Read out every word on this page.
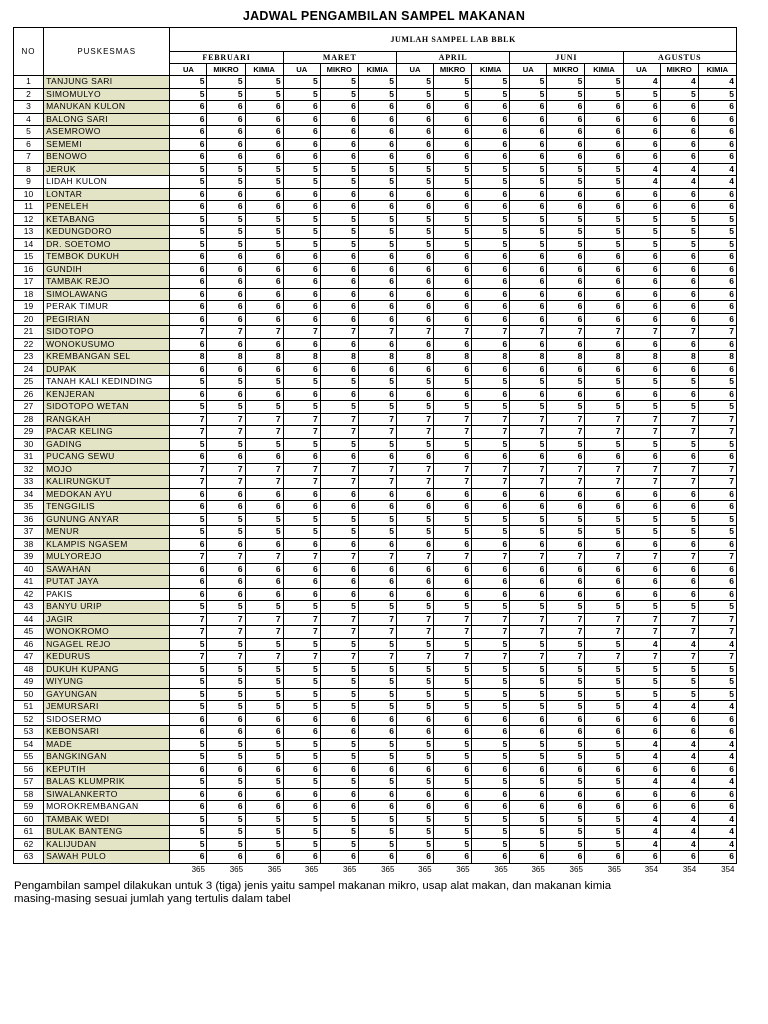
JADWAL PENGAMBILAN SAMPEL MAKANAN
NO	PUSKESMAS	JUMLAH SAMPEL LAB BBLK														
		FEBRUARI			MARET			APRIL			JUNI			AGUSTUS		
		UA	MIKRO	KIMIA	UA	MIKRO	KIMIA	UA	MIKRO	KIMIA	UA	MIKRO	KIMIA	UA	MIKRO	KIMIA
1	TANJUNG SARI	5	5	5	5	5	5	5	5	5	5	5	5	4	4	4
2	SIMOMULYO	5	5	5	5	5	5	5	5	5	5	5	5	5	5	5
3	MANUKAN KULON	6	6	6	6	6	6	6	6	6	6	6	6	6	6	6
4	BALONG SARI	6	6	6	6	6	6	6	6	6	6	6	6	6	6	6
5	ASEMROWO	6	6	6	6	6	6	6	6	6	6	6	6	6	6	6
6	SEMEMI	6	6	6	6	6	6	6	6	6	6	6	6	6	6	6
7	BENOWO	6	6	6	6	6	6	6	6	6	6	6	6	6	6	6
8	JERUK	5	5	5	5	5	5	5	5	5	5	5	5	4	4	4
9	LIDAH KULON	5	5	5	5	5	5	5	5	5	5	5	5	4	4	4
10	LONTAR	6	6	6	6	6	6	6	6	6	6	6	6	6	6	6
11	PENELEH	6	6	6	6	6	6	6	6	6	6	6	6	6	6	6
12	KETABANG	5	5	5	5	5	5	5	5	5	5	5	5	5	5	5
13	KEDUNGDORO	5	5	5	5	5	5	5	5	5	5	5	5	5	5	5
14	DR. SOETOMO	5	5	5	5	5	5	5	5	5	5	5	5	5	5	5
15	TEMBOK DUKUH	6	6	6	6	6	6	6	6	6	6	6	6	6	6	6
16	GUNDIH	6	6	6	6	6	6	6	6	6	6	6	6	6	6	6
17	TAMBAK REJO	6	6	6	6	6	6	6	6	6	6	6	6	6	6	6
18	SIMOLAWANG	6	6	6	6	6	6	6	6	6	6	6	6	6	6	6
19	PERAK TIMUR	6	6	6	6	6	6	6	6	6	6	6	6	6	6	6
20	PEGIRIAN	6	6	6	6	6	6	6	6	6	6	6	6	6	6	6
21	SIDOTOPO	7	7	7	7	7	7	7	7	7	7	7	7	7	7	7
22	WONOKUSUMO	6	6	6	6	6	6	6	6	6	6	6	6	6	6	6
23	KREMBANGAN SEL	8	8	8	8	8	8	8	8	8	8	8	8	8	8	8
24	DUPAK	6	6	6	6	6	6	6	6	6	6	6	6	6	6	6
25	TANAH KALI KEDINDING	5	5	5	5	5	5	5	5	5	5	5	5	5	5	5
26	KENJERAN	6	6	6	6	6	6	6	6	6	6	6	6	6	6	6
27	SIDOTOPO WETAN	5	5	5	5	5	5	5	5	5	5	5	5	5	5	5
28	RANGKAH	7	7	7	7	7	7	7	7	7	7	7	7	7	7	7
29	PACAR KELING	7	7	7	7	7	7	7	7	7	7	7	7	7	7	7
30	GADING	5	5	5	5	5	5	5	5	5	5	5	5	5	5	5
31	PUCANG SEWU	6	6	6	6	6	6	6	6	6	6	6	6	6	6	6
32	MOJO	7	7	7	7	7	7	7	7	7	7	7	7	7	7	7
33	KALIRUNGKUT	7	7	7	7	7	7	7	7	7	7	7	7	7	7	7
34	MEDOKAN AYU	6	6	6	6	6	6	6	6	6	6	6	6	6	6	6
35	TENGGILIS	6	6	6	6	6	6	6	6	6	6	6	6	6	6	6
36	GUNUNG ANYAR	5	5	5	5	5	5	5	5	5	5	5	5	5	5	5
37	MENUR	5	5	5	5	5	5	5	5	5	5	5	5	5	5	5
38	KLAMPIS NGASEM	6	6	6	6	6	6	6	6	6	6	6	6	6	6	6
39	MULYOREJO	7	7	7	7	7	7	7	7	7	7	7	7	7	7	7
40	SAWAHAN	6	6	6	6	6	6	6	6	6	6	6	6	6	6	6
41	PUTAT JAYA	6	6	6	6	6	6	6	6	6	6	6	6	6	6	6
42	PAKIS	6	6	6	6	6	6	6	6	6	6	6	6	6	6	6
43	BANYU URIP	5	5	5	5	5	5	5	5	5	5	5	5	5	5	5
44	JAGIR	7	7	7	7	7	7	7	7	7	7	7	7	7	7	7
45	WONOKROMO	7	7	7	7	7	7	7	7	7	7	7	7	7	7	7
46	NGAGEL REJO	5	5	5	5	5	5	5	5	5	5	5	5	4	4	4
47	KEDURUS	7	7	7	7	7	7	7	7	7	7	7	7	7	7	7
48	DUKUH KUPANG	5	5	5	5	5	5	5	5	5	5	5	5	5	5	5
49	WIYUNG	5	5	5	5	5	5	5	5	5	5	5	5	5	5	5
50	GAYUNGAN	5	5	5	5	5	5	5	5	5	5	5	5	5	5	5
51	JEMURSARI	5	5	5	5	5	5	5	5	5	5	5	5	4	4	4
52	SIDOSERMO	6	6	6	6	6	6	6	6	6	6	6	6	6	6	6
53	KEBONSARI	6	6	6	6	6	6	6	6	6	6	6	6	6	6	6
54	MADE	5	5	5	5	5	5	5	5	5	5	5	5	4	4	4
55	BANGKINGAN	5	5	5	5	5	5	5	5	5	5	5	5	4	4	4
56	KEPUTIH	6	6	6	6	6	6	6	6	6	6	6	6	6	6	6
57	BALAS KLUMPRIK	5	5	5	5	5	5	5	5	5	5	5	5	4	4	4
58	SIWALANKERTO	6	6	6	6	6	6	6	6	6	6	6	6	6	6	6
59	MOROKREMBANGAN	6	6	6	6	6	6	6	6	6	6	6	6	6	6	6
60	TAMBAK WEDI	5	5	5	5	5	5	5	5	5	5	5	5	4	4	4
61	BULAK BANTENG	5	5	5	5	5	5	5	5	5	5	5	5	4	4	4
62	KALIJUDAN	5	5	5	5	5	5	5	5	5	5	5	5	4	4	4
63	SAWAH PULO	6	6	6	6	6	6	6	6	6	6	6	6	6	6	6
		365	365	365	365	365	365	365	365	365	365	365	365	354	354	354
Pengambilan sampel dilakukan untuk 3 (tiga) jenis yaitu sampel makanan mikro, usap alat makan, dan makanan kimia masing-masing sesuai jumlah yang tertulis dalam tabel
